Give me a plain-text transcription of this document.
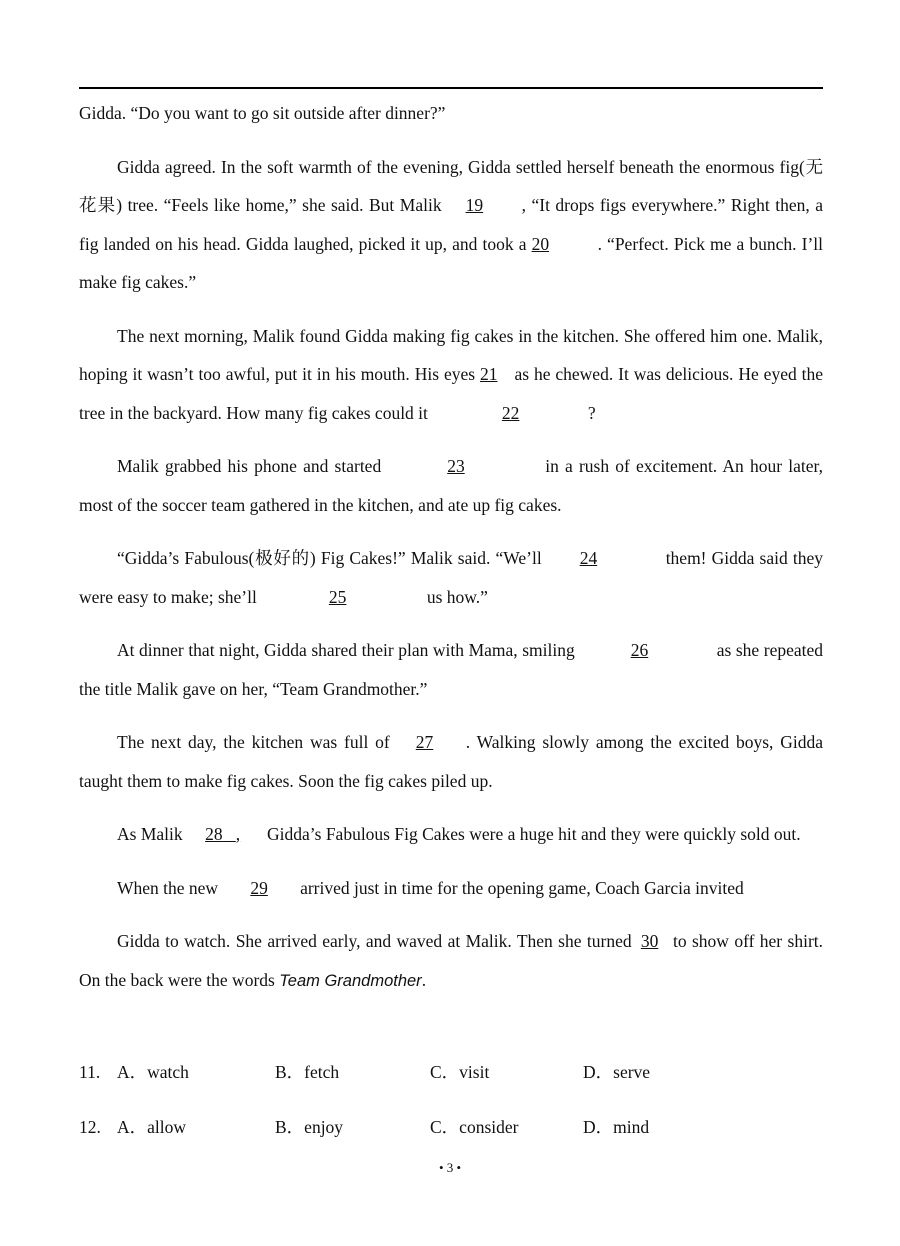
Gidda. “Do you want to go sit outside after dinner?”

Gidda agreed. In the soft warmth of the evening, Gidda settled herself beneath the enormous fig(无花果) tree. “Feels like home,” she said. But Malik 19 , “It drops figs everywhere.” Right then, a fig landed on his head. Gidda laughed, picked it up, and took a 20	. “Perfect. Pick me a bunch. I’ll make fig cakes.”

The next morning, Malik found Gidda making fig cakes in the kitchen. She offered him one. Malik, hoping it wasn’t too awful, put it in his mouth. His eyes 21 as he chewed. It was delicious. He eyed the tree in the backyard. How many fig cakes could it	22	?

Malik grabbed his phone and started	23	in a rush of excitement. An hour later, most of the soccer team gathered in the kitchen, and ate up fig cakes.

“Gidda’s Fabulous(极好的) Fig Cakes!” Malik said. “We’ll 24	them! Gidda said they were easy to make; she’ll	25	us how.”

At dinner that night, Gidda shared their plan with Mama, smiling	26	as she repeated the title Malik gave on her, “Team Grandmother.”

The next day, the kitchen was full of 27 . Walking slowly among the excited boys, Gidda taught them to make fig cakes. Soon the fig cakes piled up.

As Malik 28 , Gidda’s Fabulous Fig Cakes were a huge hit and they were quickly sold out.

When the new 29 arrived just in time for the opening game, Coach Garcia invited

Gidda to watch. She arrived early, and waved at Malik. Then she turned 30 to show off her shirt. On the back were the words Team Grandmother.

11. A．watch	B．fetch	C．visit	D．serve
12. A．allow	B．enjoy	C．consider	D．mind
• 3 •
